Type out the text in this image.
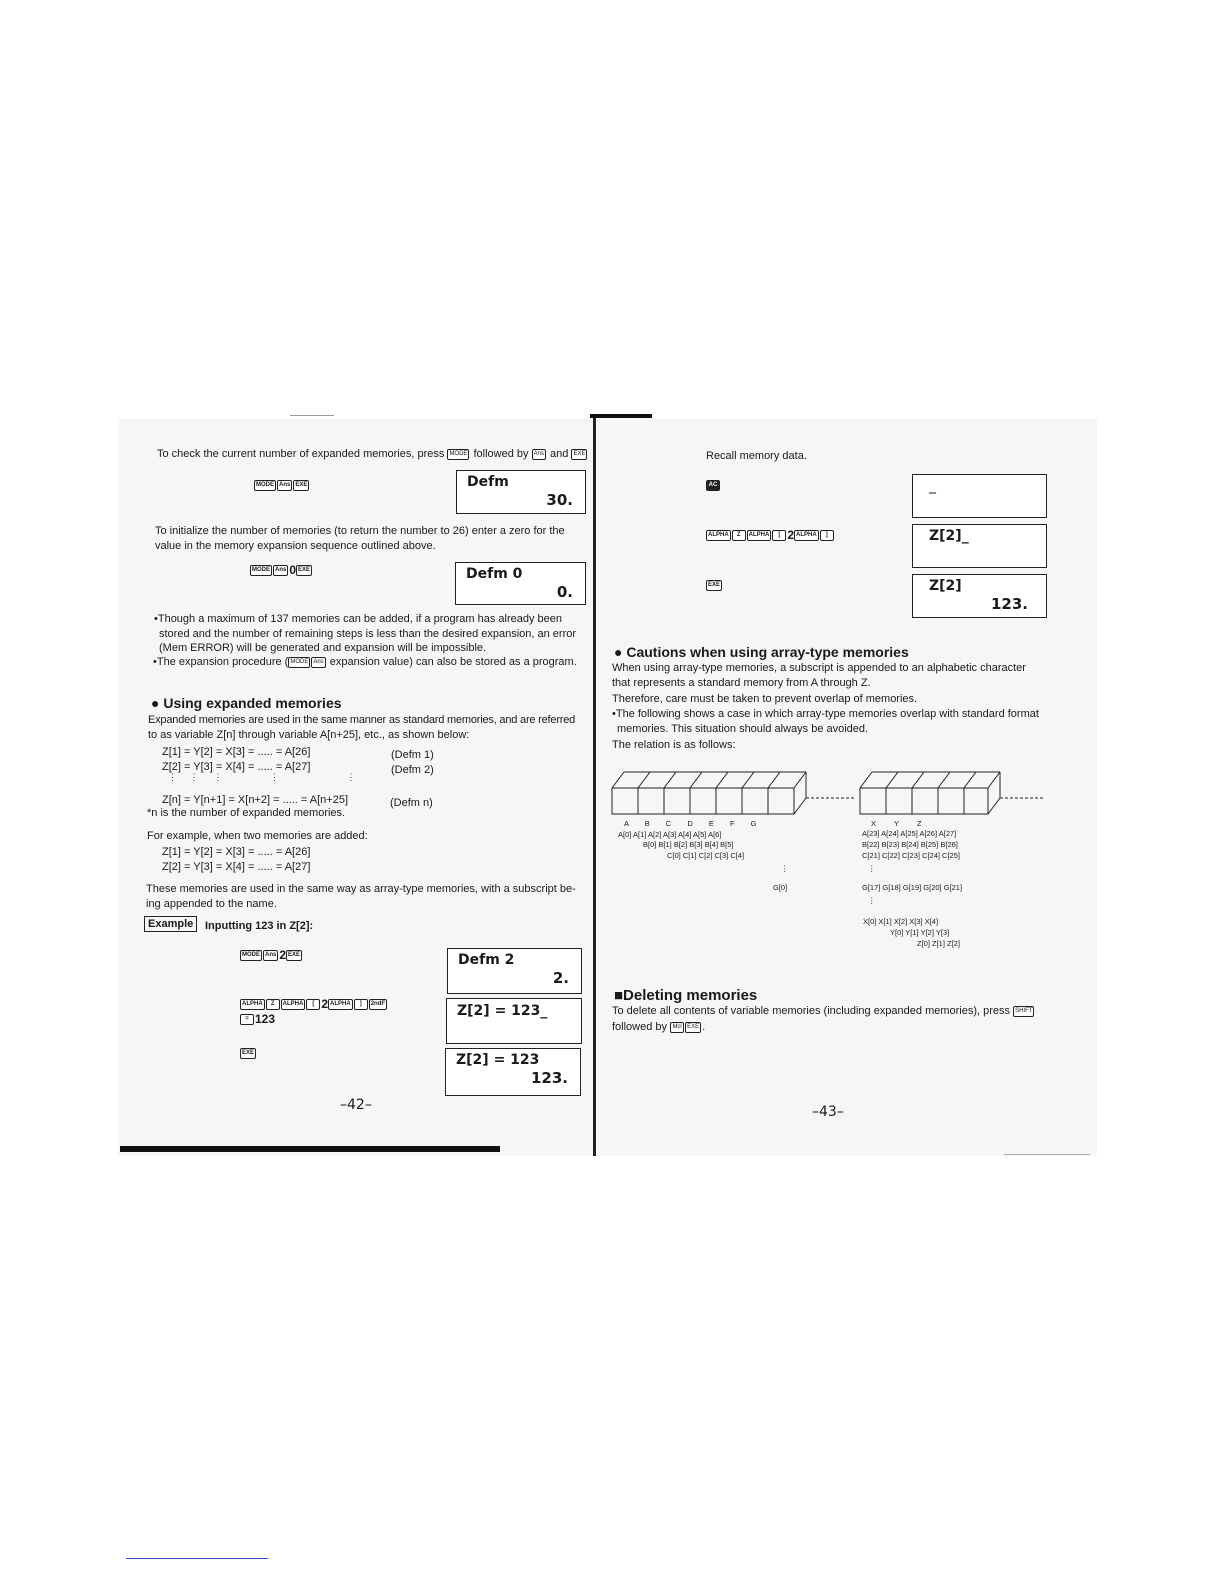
To check the current number of expanded memories, press MODE followed by Ans and EXE
MODE Ans EXE	Defm
30.
To initialize the number of memories (to return the number to 26) enter a zero for the
value in the memory expansion sequence outlined above.
MODE Ans 0 EXE	Defm 0
0.
•Though a maximum of 137 memories can be added, if a program has already been
stored and the number of remaining steps is less than the desired expansion, an error
(Mem ERROR) will be generated and expansion will be impossible.
•The expansion procedure ( MODE Ans expansion value) can also be stored as a program.
● Using expanded memories
Expanded memories are used in the same manner as standard memories, and are referred
to as variable Z[n] through variable A[n+25], etc., as shown below:
Z[1] = Y[2] = X[3] = ..... = A[26]	(Defm 1)
Z[2] = Y[3] = X[4] = ..... = A[27]	(Defm 2)
⋮     ⋮      ⋮                   ⋮                           ⋮
Z[n] = Y[n+1] = X[n+2] = ..... = A[n+25]	(Defm n)
*n is the number of expanded memories.
For example, when two memories are added:
Z[1] = Y[2] = X[3] = ..... = A[26]
Z[2] = Y[3] = X[4] = ..... = A[27]
These memories are used in the same way as array-type memories, with a subscript be-
ing appended to the name.
Example	Inputting 123 in Z[2]:
MODE Ans 2 EXE	Defm 2
2.
ALPHA Z ALPHA [ 2 ALPHA ] 2ndF
= 123	Z[2] = 123_
EXE	Z[2] = 123
123.
–42–
Recall memory data.
AC	_
ALPHA Z ALPHA [ 2 ALPHA ]	Z[2]_
EXE	Z[2]
123.
● Cautions when using array-type memories
When using array-type memories, a subscript is appended to an alphabetic character
that represents a standard memory from A through Z.
Therefore, care must be taken to prevent overlap of memories.
•The following shows a case in which array-type memories overlap with standard format
memories. This situation should always be avoided.
The relation is as follows:
A B C D E F G
A[0] A[1] A[2] A[3] A[4] A[5] A[6]
B[0] B[1] B[2] B[3] B[4] B[5]
C[0] C[1] C[2] C[3] C[4]
⋮
G[0]
X Y Z
A[23] A[24] A[25] A[26] A[27]
B[22] B[23] B[24] B[25] B[26]
C[21] C[22] C[23] C[24] C[25]
⋮
G[17] G[18] G[19] G[20] G[21]
⋮
X[0] X[1] X[2] X[3] X[4]
Y[0] Y[1] Y[2] Y[3]
Z[0] Z[1] Z[2]
■Deleting memories
To delete all contents of variable memories (including expanded memories), press SHIFT
followed by Mcl EXE .
–43–
